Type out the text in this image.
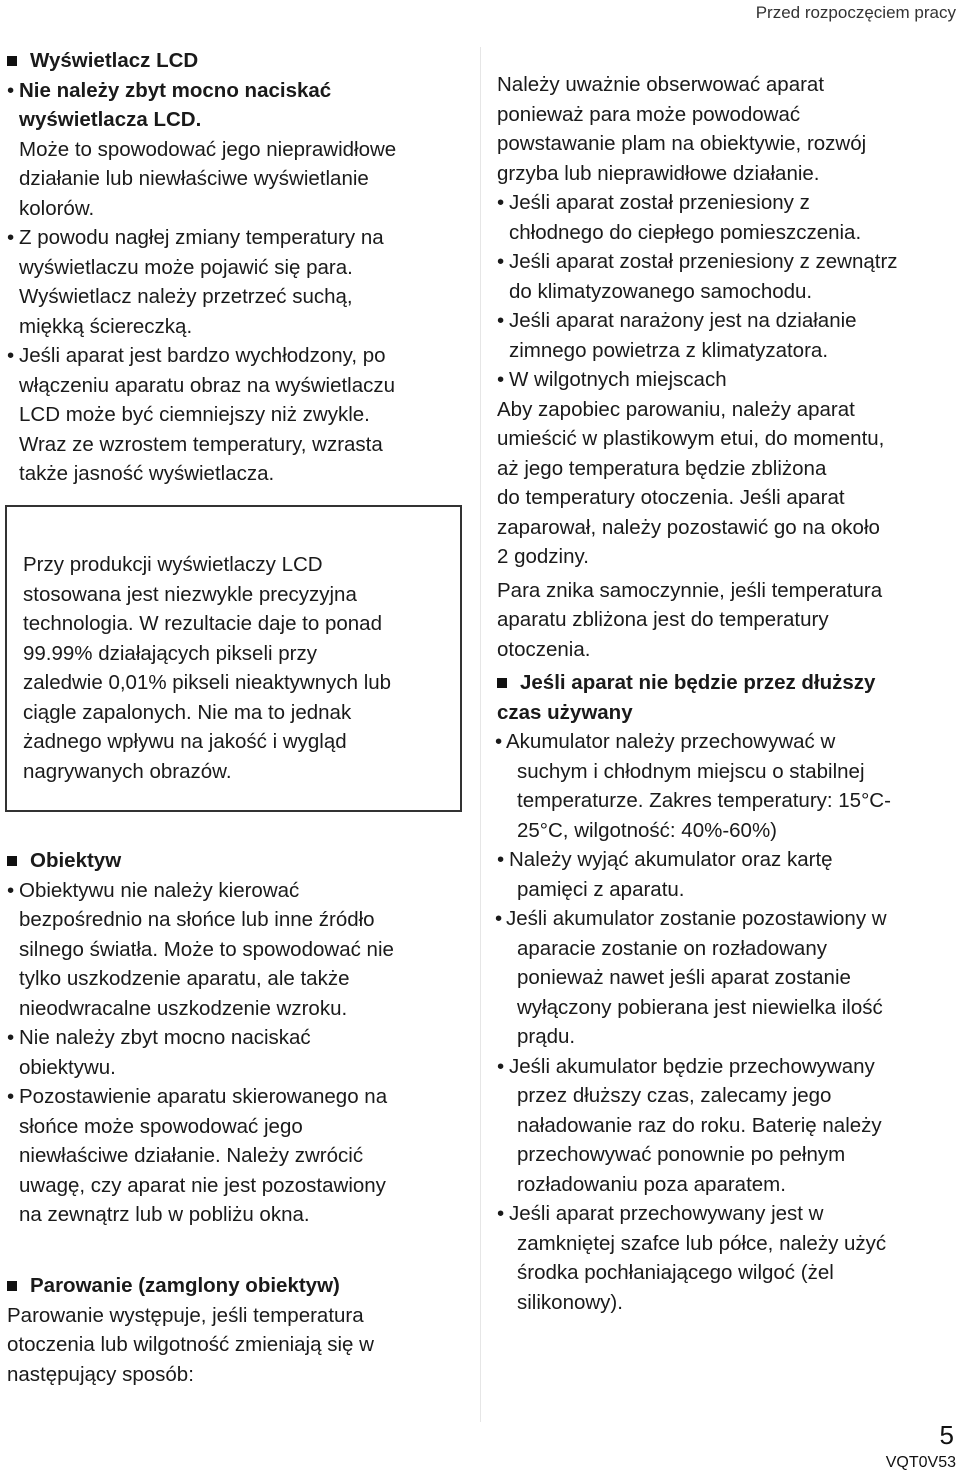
Przed rozpoczęciem pracy
Wyświetlacz LCD
• Nie należy zbyt mocno naciskać
wyświetlacza LCD.
Może to spowodować jego nieprawidłowe
działanie lub niewłaściwe wyświetlanie
kolorów.
• Z powodu nagłej zmiany temperatury na
wyświetlaczu może pojawić się para.
Wyświetlacz należy przetrzeć suchą,
miękką ściereczką.
• Jeśli aparat jest bardzo wychłodzony, po
włączeniu aparatu obraz na wyświetlaczu
LCD może być ciemniejszy niż zwykle.
Wraz ze wzrostem temperatury, wzrasta
także jasność wyświetlacza.
Przy produkcji wyświetlaczy LCD
stosowana jest niezwykle precyzyjna
technologia. W rezultacie daje to ponad
99.99% działających pikseli przy
zaledwie 0,01% pikseli nieaktywnych lub
ciągle zapalonych. Nie ma to jednak
żadnego wpływu na jakość i wygląd
nagrywanych obrazów.
Obiektyw
• Obiektywu nie należy kierować
bezpośrednio na słońce lub inne źródło
silnego światła. Może to spowodować nie
tylko uszkodzenie aparatu, ale także
nieodwracalne uszkodzenie wzroku.
• Nie należy zbyt mocno naciskać
obiektywu.
• Pozostawienie aparatu skierowanego na
słońce może spowodować jego
niewłaściwe działanie. Należy zwrócić
uwagę, czy aparat nie jest pozostawiony
na zewnątrz lub w pobliżu okna.
Parowanie (zamglony obiektyw)
Parowanie występuje, jeśli temperatura
otoczenia lub wilgotność zmieniają się w
następujący sposób:
Należy uważnie obserwować aparat
ponieważ para może powodować
powstawanie plam na obiektywie, rozwój
grzyba lub nieprawidłowe działanie.
• Jeśli aparat został przeniesiony z
chłodnego do ciepłego pomieszczenia.
• Jeśli aparat został przeniesiony z zewnątrz
do klimatyzowanego samochodu.
• Jeśli aparat narażony jest na działanie
zimnego powietrza z klimatyzatora.
• W wilgotnych miejscach
Aby zapobiec parowaniu, należy aparat
umieścić w plastikowym etui, do momentu,
aż jego temperatura będzie zbliżona
do temperatury otoczenia. Jeśli aparat
zaparował, należy pozostawić go na około
2 godziny.
Para znika samoczynnie, jeśli temperatura
aparatu zbliżona jest do temperatury
otoczenia.
Jeśli aparat nie będzie przez dłuższy
czas używany
• Akumulator należy przechowywać w
suchym i chłodnym miejscu o stabilnej
temperaturze. Zakres temperatury: 15°C-
25°C, wilgotność: 40%-60%)
• Należy wyjąć akumulator oraz kartę
pamięci z aparatu.
• Jeśli akumulator zostanie pozostawiony w
aparacie zostanie on rozładowany
ponieważ nawet jeśli aparat zostanie
wyłączony pobierana jest niewielka ilość
prądu.
• Jeśli akumulator będzie przechowywany
przez dłuższy czas, zalecamy jego
naładowanie raz do roku. Baterię należy
przechowywać ponownie po pełnym
rozładowaniu poza aparatem.
• Jeśli aparat przechowywany jest w
zamkniętej szafce lub półce, należy użyć
środka pochłaniającego wilgoć (żel
silikonowy).
5
VQT0V53
